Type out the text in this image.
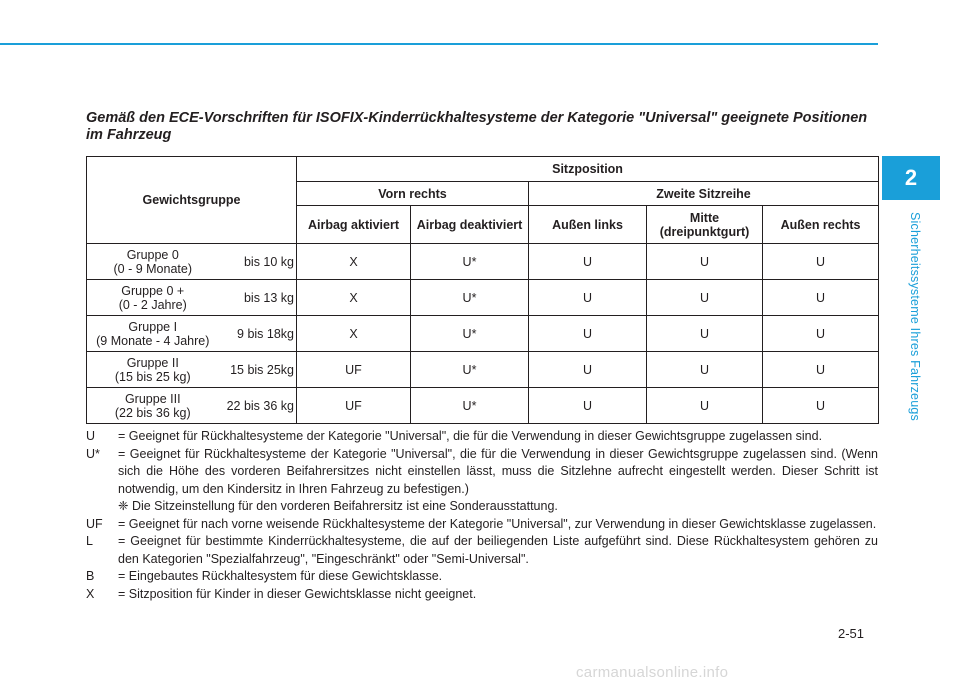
2
Sicherheitssysteme Ihres Fahrzeugs
Gemäß den ECE-Vorschriften für ISOFIX-Kinderrückhaltesysteme der Kategorie "Universal" geeignete Positionen im Fahrzeug
Gewichtsgruppe		Sitzposition				
		Vorn rechts		Zweite Sitzreihe		
		Airbag aktiviert	Airbag deaktiviert	Außen links	Mitte (dreipunktgurt)	Außen rechts

Gruppe 0
(0 - 9 Monate)	bis 10 kg	X	U*	U	U	U

Gruppe 0 +
(0 - 2 Jahre)	bis 13 kg	X	U*	U	U	U

Gruppe I
(9 Monate - 4 Jahre)	9 bis 18kg	X	U*	U	U	U

Gruppe II
(15 bis 25 kg)	15 bis 25kg	UF	U*	U	U	U

Gruppe III
(22 bis 36 kg)	22 bis 36 kg	UF	U*	U	U	U
U	= Geeignet für Rückhaltesysteme der Kategorie "Universal", die für die Verwendung in dieser Gewichtsgruppe zugelassen sind.
U*	= Geeignet für Rückhaltesysteme der Kategorie "Universal", die für die Verwendung in dieser Gewichtsgruppe zugelassen sind. (Wenn sich die Höhe des vorderen Beifahrersitzes nicht einstellen lässt, muss die Sitzlehne aufrecht eingestellt werden. Dieser Schritt ist notwendig, um den Kindersitz in Ihren Fahrzeug zu befestigen.)
❈ Die Sitzeinstellung für den vorderen Beifahrersitz ist eine Sonderausstattung.
UF	= Geeignet für nach vorne weisende Rückhaltesysteme der Kategorie "Universal", zur Verwendung in dieser Gewichtsklasse zugelassen.
L	= Geeignet für bestimmte Kinderrückhaltesysteme, die auf der beiliegenden Liste aufgeführt sind. Diese Rückhaltesystem gehören zu den Kategorien "Spezialfahrzeug", "Eingeschränkt" oder "Semi-Universal".
B	= Eingebautes Rückhaltesystem für diese Gewichtsklasse.
X	= Sitzposition für Kinder in dieser Gewichtsklasse nicht geeignet.
2-51
carmanualsonline.info
